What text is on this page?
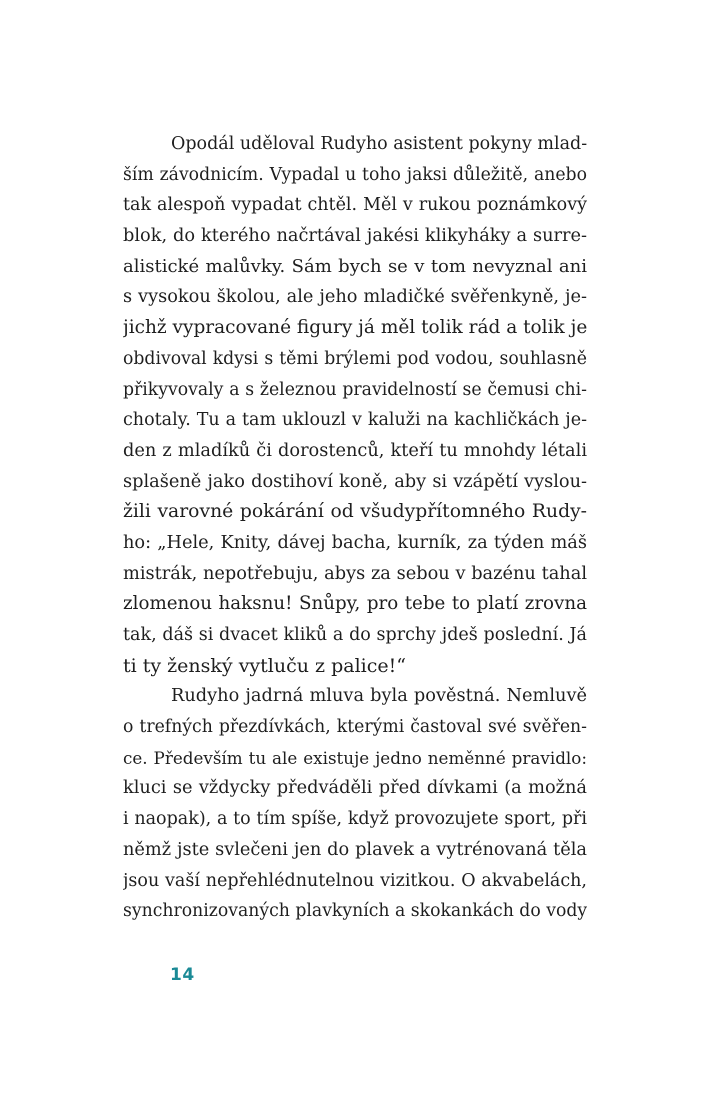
Opodál uděloval Rudyho asistent pokyny mlad-
ším závodnicím. Vypadal u toho jaksi důležitě, anebo
tak alespoň vypadat chtěl. Měl v rukou poznámkový
blok, do kterého načrtával jakési klikyháky a surre-
alistické malůvky. Sám bych se v tom nevyznal ani
s vysokou školou, ale jeho mladičké svěřenkyně, je-
jichž vypracované figury já měl tolik rád a tolik je
obdivoval kdysi s těmi brýlemi pod vodou, souhlasně
přikyvovaly a s železnou pravidelností se čemusi chi-
chotaly. Tu a tam uklouzl v kaluži na kachličkách je-
den z mladíků či dorostenců, kteří tu mnohdy létali
splašeně jako dostihoví koně, aby si vzápětí vyslou-
žili varovné pokárání od všudypřítomného Rudy-
ho: „Hele, Knity, dávej bacha, kurník, za týden máš
mistrák, nepotřebuju, abys za sebou v bazénu tahal
zlomenou haksnu! Snůpy, pro tebe to platí zrovna
tak, dáš si dvacet kliků a do sprchy jdeš poslední. Já
ti ty ženský vytluču z palice!“
Rudyho jadrná mluva byla pověstná. Nemluvě
o trefných přezdívkách, kterými častoval své svěřen-
ce. Především tu ale existuje jedno neměnné pravidlo:
kluci se vždycky předváděli před dívkami (a možná
i naopak), a to tím spíše, když provozujete sport, při
němž jste svlečeni jen do plavek a vytrénovaná těla
jsou vaší nepřehlédnutelnou vizitkou. O akvabelách,
synchronizovaných plavkyních a skokankách do vody
14
